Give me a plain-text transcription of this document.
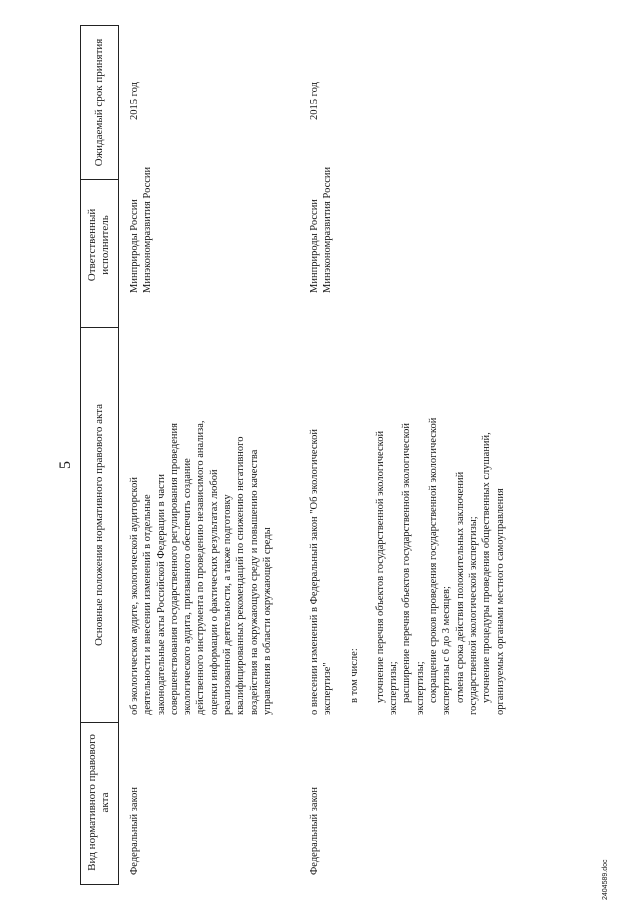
5
Вид нормативного правового акта
Основные положения нормативного правового акта
Ответственный исполнитель
Ожидаемый срок принятия
Федеральный закон

об экологическом аудите, экологической аудиторской деятельности и внесении изменений в отдельные законодательные акты Российской Федерации в части совершенствования государственного регулирования проведения экологического аудита, призванного обеспечить создание действенного инструмента по проведению независимого анализа, оценки информации о фактических результатах любой реализованной деятельности, а также подготовку квалифицированных рекомендаций по снижению негативного воздействия на окружающую среду и повышению качества управления в области окружающей среды

Минприроды России Минэкономразвития России

2015 год
Федеральный закон

о внесении изменений в Федеральный закон "Об экологической экспертизе" в том числе: уточнение перечня объектов государственной экологической экспертизы; расширение перечня объектов государственной экологической экспертизы; сокращение сроков проведения государственной экологической экспертизы с 6 до 3 месяцев; отмена срока действия положительных заключений государственной экологической экспертизы; уточнение процедуры проведения общественных слушаний, организуемых органами местного самоуправления

Минприроды России Минэкономразвития России

2015 год
2404589.doc
